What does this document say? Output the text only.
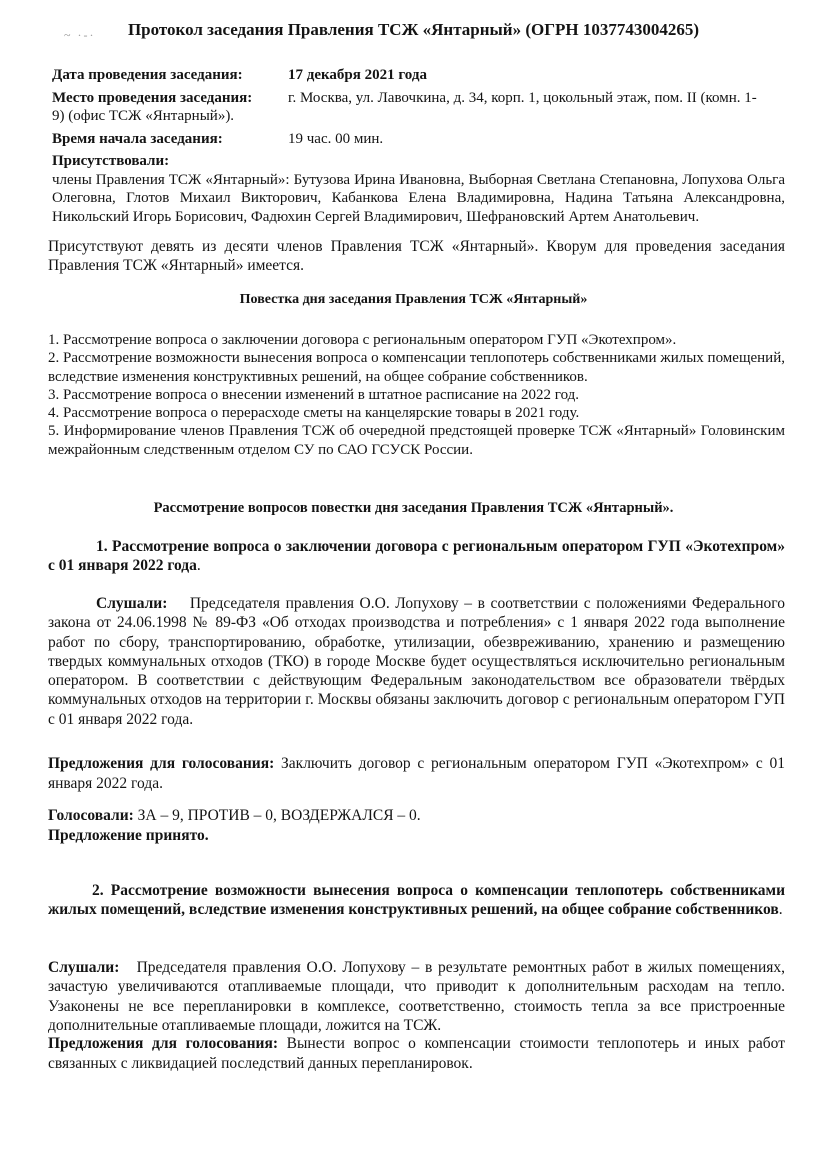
~ ·-·	Протокол заседания Правления ТСЖ «Янтарный» (ОГРН 1037743004265)
Дата проведения заседания:	17 декабря 2021 года
Место проведения заседания: г. Москва, ул. Лавочкина, д. 34, корп. 1, цокольный этаж, пом. II (комн. 1-
9) (офис ТСЖ «Янтарный»).
Время начала заседания:	19 час. 00 мин.

Присутствовали:

члены Правления ТСЖ «Янтарный»: Бутузова Ирина Ивановна, Выборная Светлана Степановна, Лопухова Ольга Олеговна, Глотов Михаил Викторович, Кабанкова Елена Владимировна, Надина Татьяна Александровна, Никольский Игорь Борисович, Фадюхин Сергей Владимирович, Шефрановский Артем Анатольевич.

Присутствуют девять из десяти членов Правления ТСЖ «Янтарный». Кворум для проведения заседания Правления ТСЖ «Янтарный» имеется.

Повестка дня заседания Правления ТСЖ «Янтарный»

1. Рассмотрение вопроса о заключении договора с региональным оператором ГУП «Экотехпром».

2. Рассмотрение возможности вынесения вопроса о компенсации теплопотерь собственниками жилых помещений, вследствие изменения конструктивных решений, на общее собрание собственников.

3. Рассмотрение вопроса о внесении изменений в штатное расписание на 2022 год.

4. Рассмотрение вопроса о перерасходе сметы на канцелярские товары в 2021 году.

5. Информирование членов Правления ТСЖ об очередной предстоящей проверке ТСЖ «Янтарный» Головинским межрайонным следственным отделом СУ по САО ГСУСК России.

Рассмотрение вопросов повестки дня заседания Правления ТСЖ «Янтарный».

1. Рассмотрение вопроса о заключении договора с региональным оператором ГУП «Экотехпром» с 01 января 2022 года.

Слушали: Председателя правления О.О. Лопухову – в соответствии с положениями Федерального закона от 24.06.1998 № 89-ФЗ «Об отходах производства и потребления» с 1 января 2022 года выполнение работ по сбору, транспортированию, обработке, утилизации, обезвреживанию, хранению и размещению твердых коммунальных отходов (ТКО) в городе Москве будет осуществляться исключительно региональным оператором. В соответствии с действующим Федеральным законодательством все образователи твёрдых коммунальных отходов на территории г. Москвы обязаны заключить договор с региональным оператором ГУП с 01 января 2022 года.

Предложения для голосования: Заключить договор с региональным оператором ГУП «Экотехпром» с 01 января 2022 года.

Голосовали: ЗА – 9, ПРОТИВ – 0, ВОЗДЕРЖАЛСЯ – 0.

Предложение принято.

2. Рассмотрение возможности вынесения вопроса о компенсации теплопотерь собственниками жилых помещений, вследствие изменения конструктивных решений, на общее собрание собственников.

Слушали: Председателя правления О.О. Лопухову – в результате ремонтных работ в жилых помещениях, зачастую увеличиваются отапливаемые площади, что приводит к дополнительным расходам на тепло. Узаконены не все перепланировки в комплексе, соответственно, стоимость тепла за все пристроенные дополнительные отапливаемые площади, ложится на ТСЖ.

Предложения для голосования: Вынести вопрос о компенсации стоимости теплопотерь и иных работ связанных с ликвидацией последствий данных перепланировок.
